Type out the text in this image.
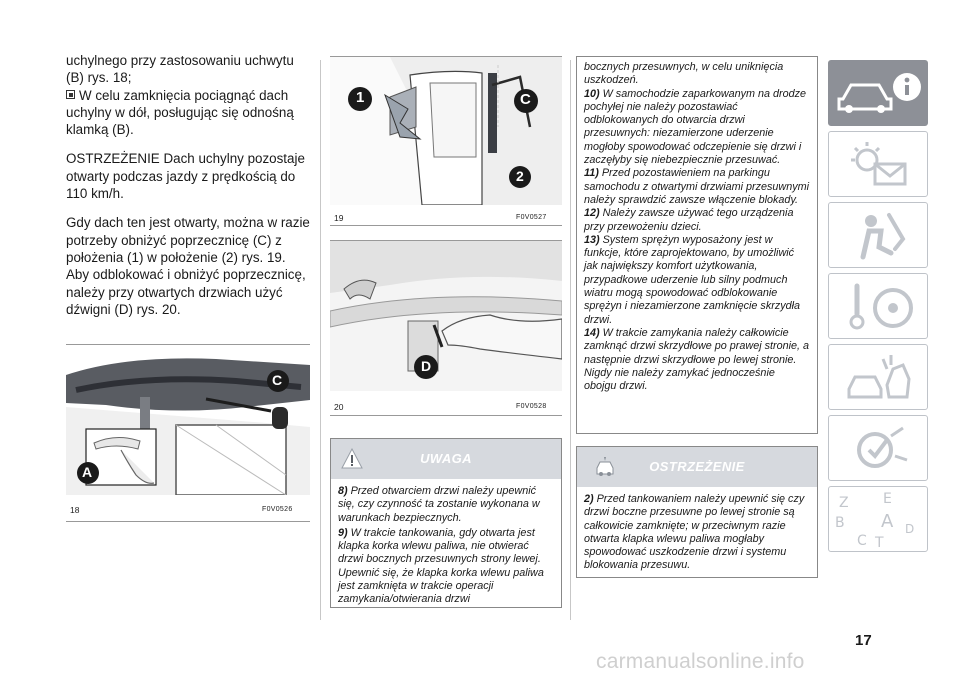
uchylnego przy zastosowaniu uchwytu (B) rys. 18;

W celu zamknięcia pociągnąć dach uchylny w dół, posługując się odnośną klamką (B).

OSTRZEŻENIE Dach uchylny pozostaje otwarty podczas jazdy z prędkością do 110 km/h.

Gdy dach ten jest otwarty, można w razie potrzeby obniżyć poprzecznicę (C) z położenia (1) w położenie (2) rys. 19.

Aby odblokować i obniżyć poprzecznicę, należy przy otwartych drzwiach użyć dźwigni (D) rys. 20.

C
A
18	F0V0526
1	C
2
19	F0V0527
D
20	F0V0528
UWAGA

8) Przed otwarciem drzwi należy upewnić się, czy czynność ta zostanie wykonana w warunkach bezpiecznych.

9) W trakcie tankowania, gdy otwarta jest klapka korka wlewu paliwa, nie otwierać drzwi bocznych przesuwnych strony lewej. Upewnić się, że klapka korka wlewu paliwa jest zamknięta w trakcie operacji zamykania/otwierania drzwi

bocznych przesuwnych, w celu uniknięcia uszkodzeń.

10) W samochodzie zaparkowanym na drodze pochyłej nie należy pozostawiać odblokowanych do otwarcia drzwi przesuwnych: niezamierzone uderzenie mogłoby spowodować odczepienie się drzwi i zaczęłyby się niebezpiecznie przesuwać.

11) Przed pozostawieniem na parkingu samochodu z otwartymi drzwiami przesuwnymi należy sprawdzić zawsze włączenie blokady.

12) Należy zawsze używać tego urządzenia przy przewożeniu dzieci.

13) System sprężyn wyposażony jest w funkcje, które zaprojektowano, by umożliwić jak największy komfort użytkowania, przypadkowe uderzenie lub silny podmuch wiatru mogą spowodować odblokowanie sprężyn i niezamierzone zamknięcie skrzydła drzwi.

14) W trakcie zamykania należy całkowicie zamknąć drzwi skrzydłowe po prawej stronie, a następnie drzwi skrzydłowe po lewej stronie. Nigdy nie należy zamykać jednocześnie obojgu drzwi.

OSTRZEŻENIE

2) Przed tankowaniem należy upewnić się czy drzwi boczne przesuwne po lewej stronie są całkowicie zamknięte; w przeciwnym razie otwarta klapka wlewu paliwa mogłaby spowodować uszkodzenie drzwi i systemu blokowania przesuwu.

Z E
B A
C T
D
17
carmanualsonline.info
